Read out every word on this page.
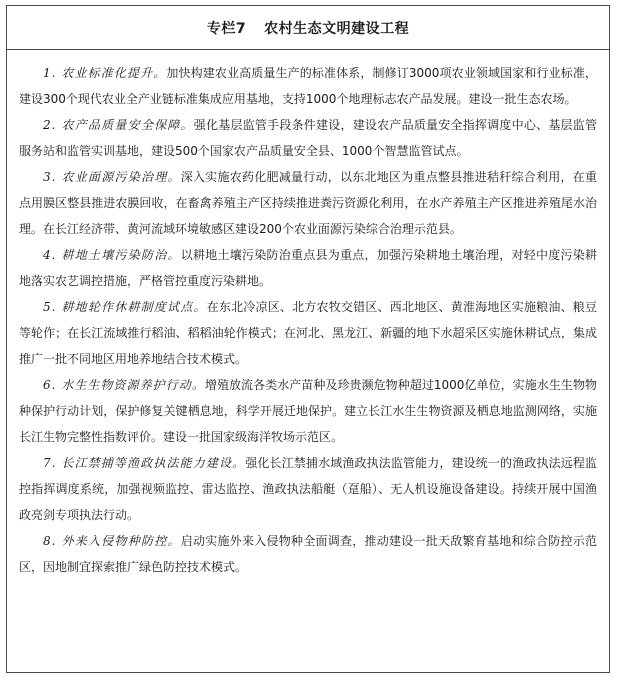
专栏7 农村生态文明建设工程

1. 农业标准化提升。加快构建农业高质量生产的标准体系，制修订3000项农业领域国家和行业标准，建设300个现代农业全产业链标准集成应用基地，支持1000个地理标志农产品发展。建设一批生态农场。

2. 农产品质量安全保障。强化基层监管手段条件建设，建设农产品质量安全指挥调度中心、基层监管服务站和监管实训基地，建设500个国家农产品质量安全县、1000个智慧监管试点。

3. 农业面源污染治理。深入实施农药化肥减量行动，以东北地区为重点整县推进秸秆综合利用，在重点用膜区整县推进农膜回收，在畜禽养殖主产区持续推进粪污资源化利用，在水产养殖主产区推进养殖尾水治理。在长江经济带、黄河流域环境敏感区建设200个农业面源污染综合治理示范县。

4. 耕地土壤污染防治。以耕地土壤污染防治重点县为重点，加强污染耕地土壤治理，对轻中度污染耕地落实农艺调控措施，严格管控重度污染耕地。

5. 耕地轮作休耕制度试点。在东北冷凉区、北方农牧交错区、西北地区、黄淮海地区实施粮油、粮豆等轮作；在长江流域推行稻油、稻稻油轮作模式；在河北、黑龙江、新疆的地下水超采区实施休耕试点，集成推广一批不同地区用地养地结合技术模式。

6. 水生生物资源养护行动。增殖放流各类水产苗种及珍贵濒危物种超过1000亿单位，实施水生生物物种保护行动计划，保护修复关键栖息地，科学开展迁地保护。建立长江水生生物资源及栖息地监测网络，实施长江生物完整性指数评价。建设一批国家级海洋牧场示范区。

7. 长江禁捕等渔政执法能力建设。强化长江禁捕水域渔政执法监管能力，建设统一的渔政执法远程监控指挥调度系统，加强视频监控、雷达监控、渔政执法船艇（趸船）、无人机设施设备建设。持续开展中国渔政亮剑专项执法行动。

8. 外来入侵物种防控。启动实施外来入侵物种全面调查，推动建设一批天敌繁育基地和综合防控示范区，因地制宜探索推广绿色防控技术模式。
